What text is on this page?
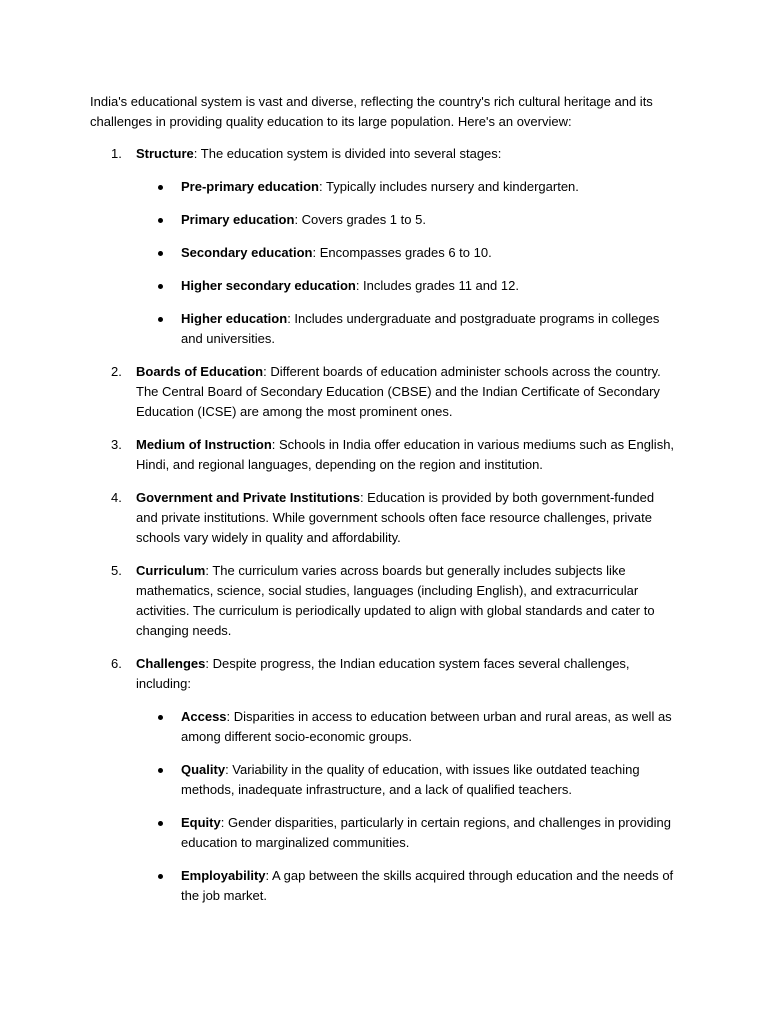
India's educational system is vast and diverse, reflecting the country's rich cultural heritage and its challenges in providing quality education to its large population. Here's an overview:

1. Structure: The education system is divided into several stages:
Pre-primary education: Typically includes nursery and kindergarten.
Primary education: Covers grades 1 to 5.
Secondary education: Encompasses grades 6 to 10.
Higher secondary education: Includes grades 11 and 12.
Higher education: Includes undergraduate and postgraduate programs in colleges and universities.
2. Boards of Education: Different boards of education administer schools across the country. The Central Board of Secondary Education (CBSE) and the Indian Certificate of Secondary Education (ICSE) are among the most prominent ones.
3. Medium of Instruction: Schools in India offer education in various mediums such as English, Hindi, and regional languages, depending on the region and institution.
4. Government and Private Institutions: Education is provided by both government-funded and private institutions. While government schools often face resource challenges, private schools vary widely in quality and affordability.
5. Curriculum: The curriculum varies across boards but generally includes subjects like mathematics, science, social studies, languages (including English), and extracurricular activities. The curriculum is periodically updated to align with global standards and cater to changing needs.
6. Challenges: Despite progress, the Indian education system faces several challenges, including:
Access: Disparities in access to education between urban and rural areas, as well as among different socio-economic groups.
Quality: Variability in the quality of education, with issues like outdated teaching methods, inadequate infrastructure, and a lack of qualified teachers.
Equity: Gender disparities, particularly in certain regions, and challenges in providing education to marginalized communities.
Employability: A gap between the skills acquired through education and the needs of the job market.
